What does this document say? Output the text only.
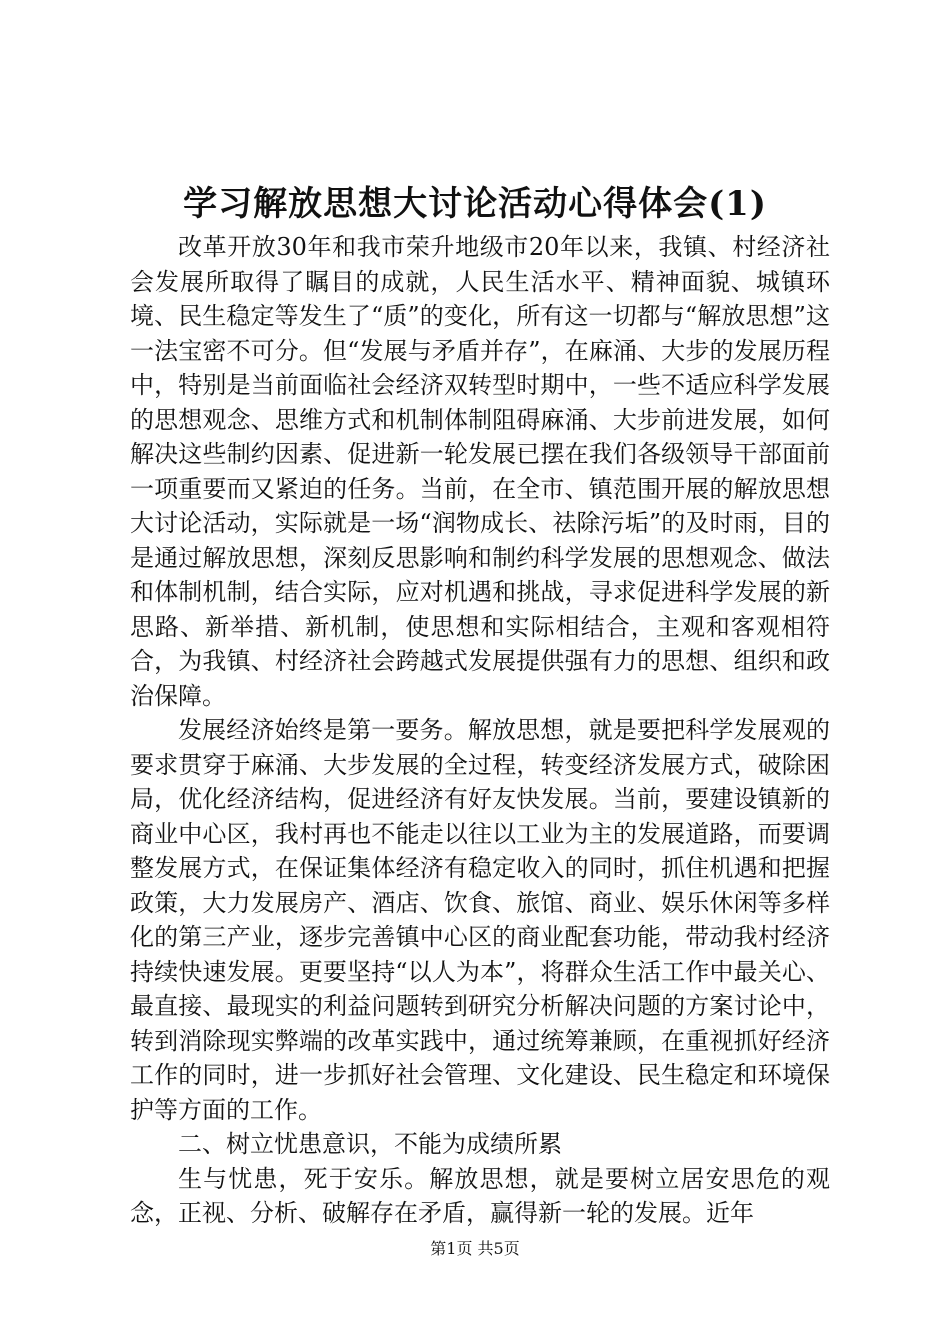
学习解放思想大讨论活动心得体会(1)

改革开放30年和我市荣升地级市20年以来，我镇、村经济社会发展所取得了瞩目的成就，人民生活水平、精神面貌、城镇环境、民生稳定等发生了“质”的变化，所有这一切都与“解放思想”这一法宝密不可分。但“发展与矛盾并存”，在麻涌、大步的发展历程中，特别是当前面临社会经济双转型时期中，一些不适应科学发展的思想观念、思维方式和机制体制阻碍麻涌、大步前进发展，如何解决这些制约因素、促进新一轮发展已摆在我们各级领导干部面前一项重要而又紧迫的任务。当前，在全市、镇范围开展的解放思想大讨论活动，实际就是一场“润物成长、祛除污垢”的及时雨，目的是通过解放思想，深刻反思影响和制约科学发展的思想观念、做法和体制机制，结合实际，应对机遇和挑战，寻求促进科学发展的新思路、新举措、新机制，使思想和实际相结合，主观和客观相符合，为我镇、村经济社会跨越式发展提供强有力的思想、组织和政治保障。

发展经济始终是第一要务。解放思想，就是要把科学发展观的要求贯穿于麻涌、大步发展的全过程，转变经济发展方式，破除困局，优化经济结构，促进经济有好友快发展。当前，要建设镇新的商业中心区，我村再也不能走以往以工业为主的发展道路，而要调整发展方式，在保证集体经济有稳定收入的同时，抓住机遇和把握政策，大力发展房产、酒店、饮食、旅馆、商业、娱乐休闲等多样化的第三产业，逐步完善镇中心区的商业配套功能，带动我村经济持续快速发展。更要坚持“以人为本”，将群众生活工作中最关心、最直接、最现实的利益问题转到研究分析解决问题的方案讨论中，转到消除现实弊端的改革实践中，通过统筹兼顾，在重视抓好经济工作的同时，进一步抓好社会管理、文化建设、民生稳定和环境保护等方面的工作。

二、树立忧患意识，不能为成绩所累

生与忧患，死于安乐。解放思想，就是要树立居安思危的观念，正视、分析、破解存在矛盾，赢得新一轮的发展。近年

第1页 共5页
